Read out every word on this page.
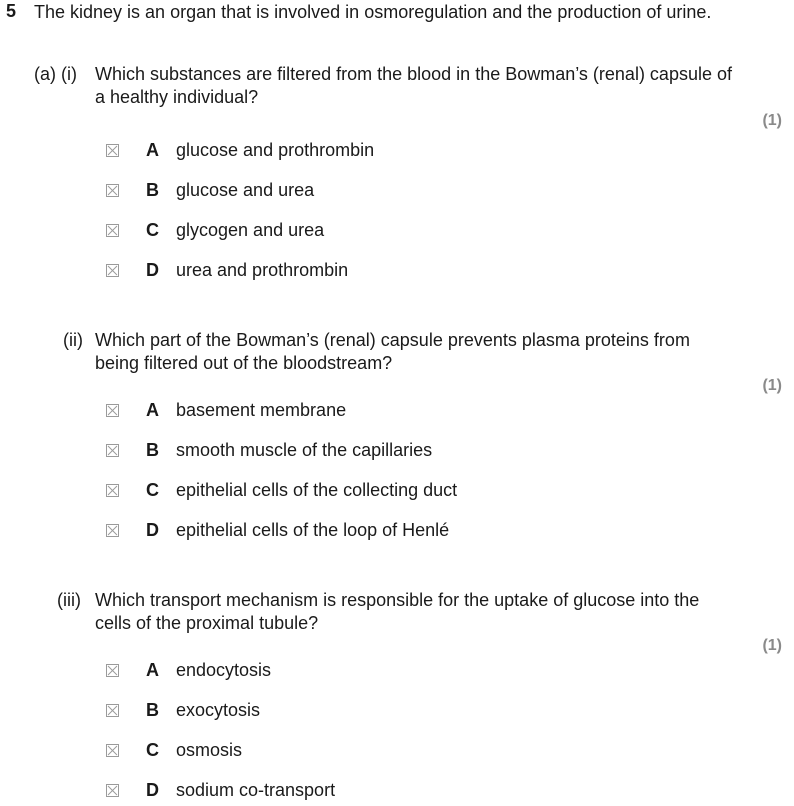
5 The kidney is an organ that is involved in osmoregulation and the production of urine.
(a) (i) Which substances are filtered from the blood in the Bowman’s (renal) capsule of a healthy individual?
(1)
A glucose and prothrombin
B glucose and urea
C glycogen and urea
D urea and prothrombin
(ii) Which part of the Bowman’s (renal) capsule prevents plasma proteins from being filtered out of the bloodstream?
(1)
A basement membrane
B smooth muscle of the capillaries
C epithelial cells of the collecting duct
D epithelial cells of the loop of Henlé
(iii) Which transport mechanism is responsible for the uptake of glucose into the cells of the proximal tubule?
(1)
A endocytosis
B exocytosis
C osmosis
D sodium co-transport
